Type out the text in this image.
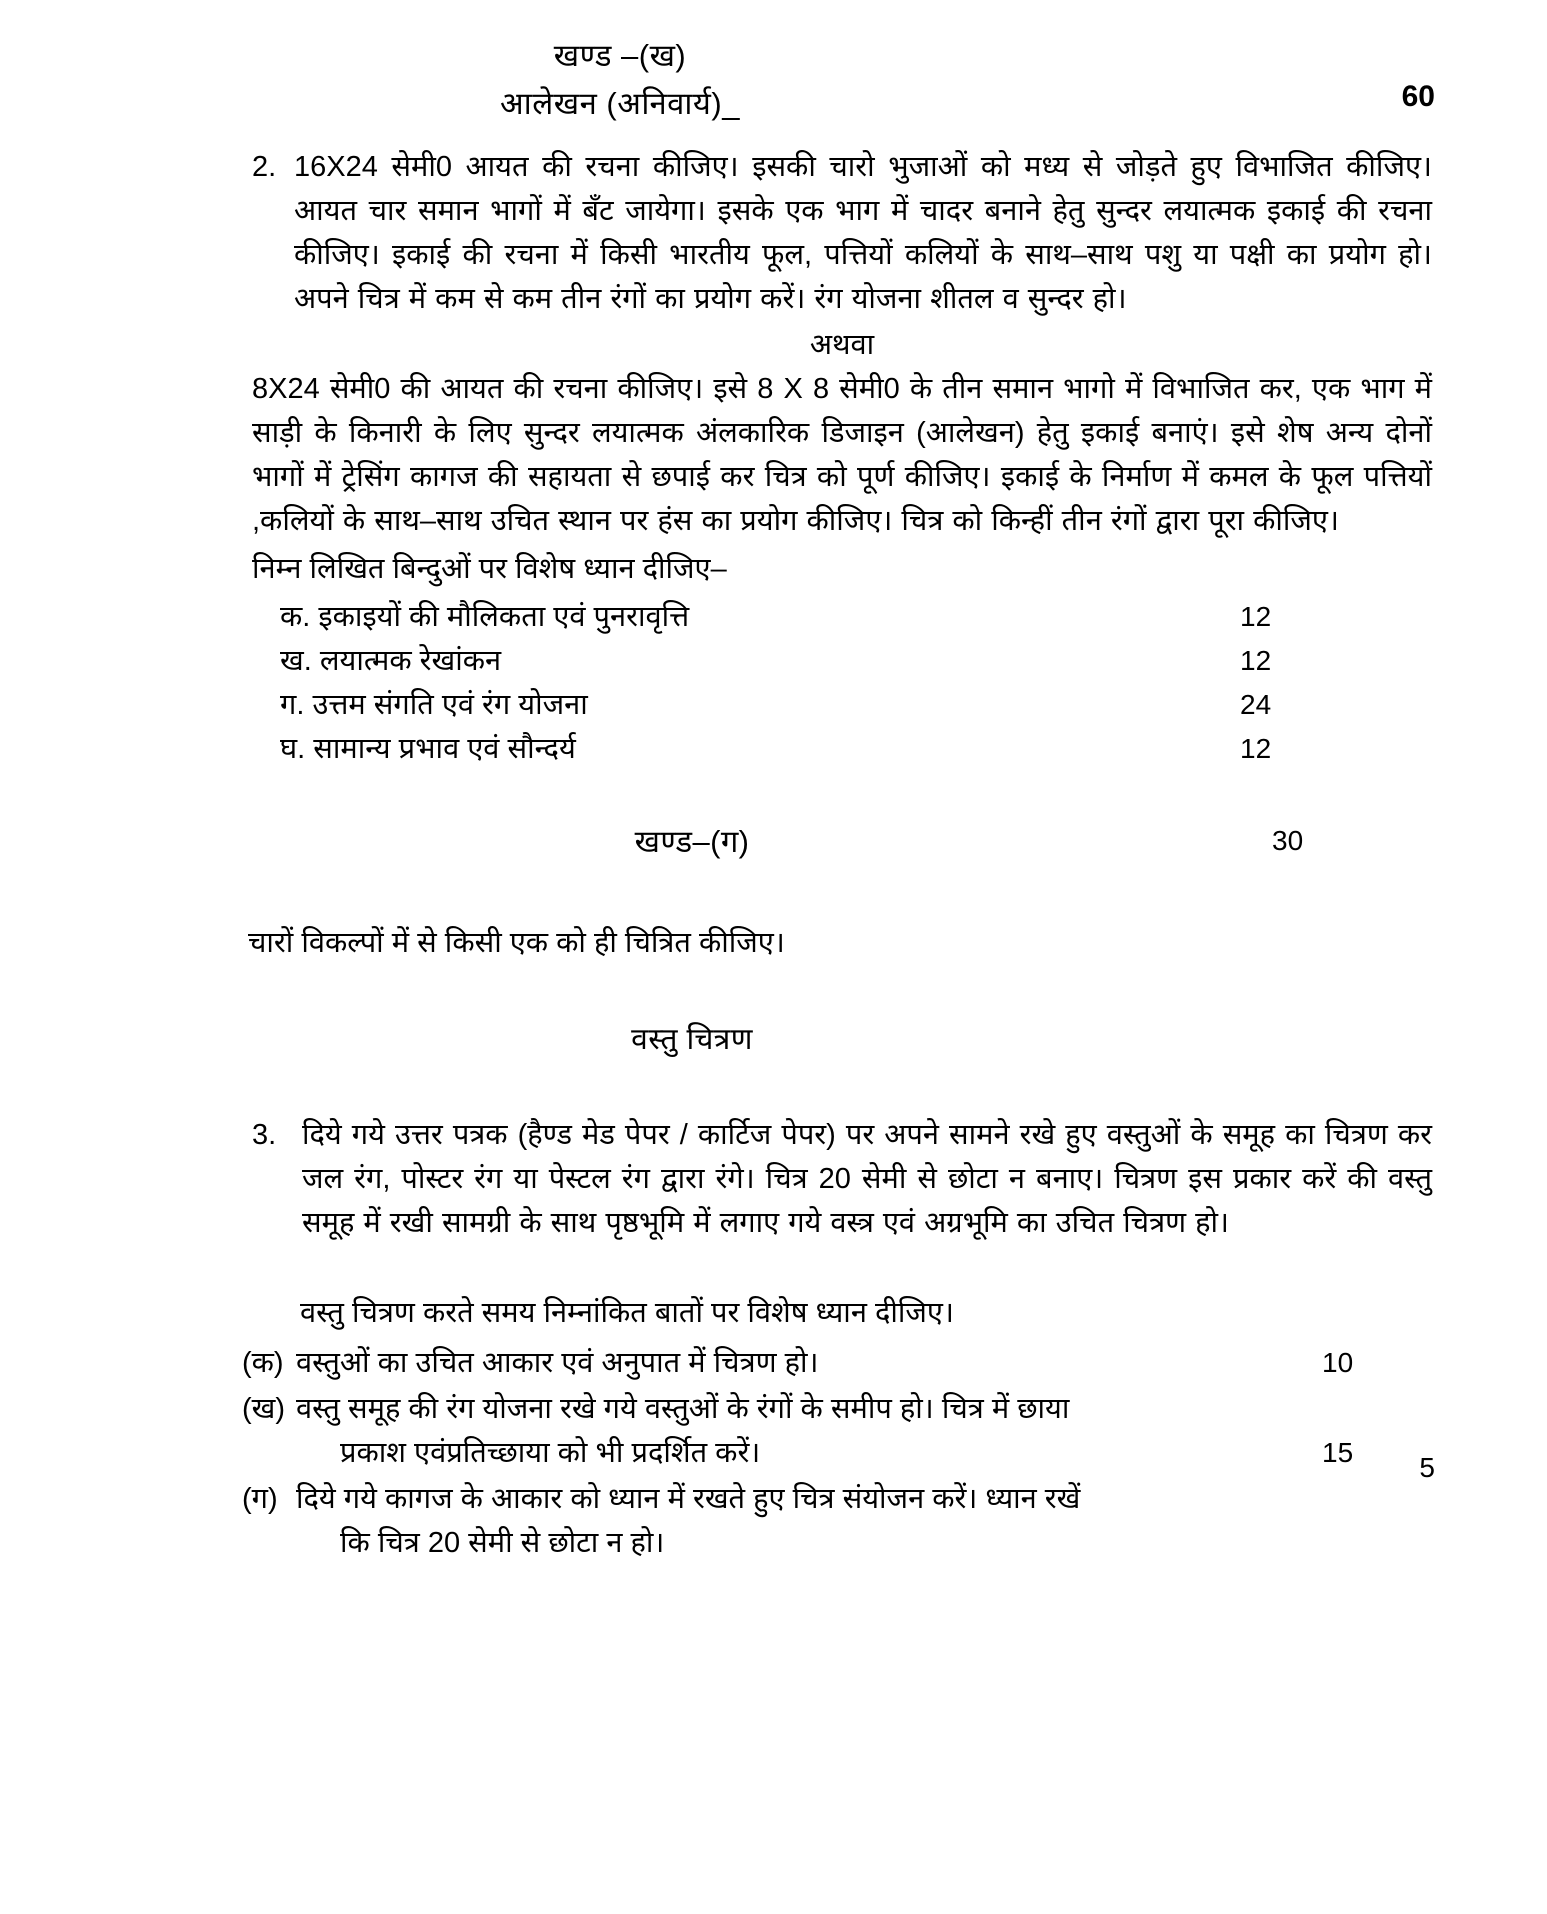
खण्ड –(ख)
आलेखन (अनिवार्य)_	60
2. 16X24 सेमी0 आयत की रचना कीजिए। इसकी चारो भुजाओं को मध्य से जोड़ते हुए विभाजित कीजिए। आयत चार समान भागों में बँट जायेगा। इसके एक भाग में चादर बनाने हेतु सुन्दर लयात्मक इकाई की रचना कीजिए। इकाई की रचना में किसी भारतीय फूल, पत्तियों कलियों के साथ–साथ पशु या पक्षी का प्रयोग हो। अपने चित्र में कम से कम तीन रंगों का प्रयोग करें। रंग योजना शीतल व सुन्दर हो।
अथवा
8X24 सेमी0 की आयत की रचना कीजिए। इसे 8 X 8 सेमी0 के तीन समान भागो में विभाजित कर, एक भाग में साड़ी के किनारी के लिए सुन्दर लयात्मक अंलकारिक डिजाइन (आलेखन) हेतु इकाई बनाएं। इसे शेष अन्य दोनों भागों में ट्रेसिंग कागज की सहायता से छपाई कर चित्र को पूर्ण कीजिए। इकाई के निर्माण में कमल के फूल पत्तियों ,कलियों के साथ–साथ उचित स्थान पर हंस का प्रयोग कीजिए। चित्र को किन्हीं तीन रंगों द्वारा पूरा कीजिए।
निम्न लिखित बिन्दुओं पर विशेष ध्यान दीजिए–
क. इकाइयों की मौलिकता एवं पुनरावृत्ति	12
ख. लयात्मक रेखांकन	12
ग. उत्तम संगति एवं रंग योजना	24
घ. सामान्य प्रभाव एवं सौन्दर्य	12
खण्ड–(ग)	30
चारों विकल्पों में से किसी एक को ही चित्रित कीजिए।
वस्तु चित्रण
3. दिये गये उत्तर पत्रक (हैण्ड मेड पेपर / कार्टिज पेपर) पर अपने सामने रखे हुए वस्तुओं के समूह का चित्रण कर जल रंग, पोस्टर रंग या पेस्टल रंग द्वारा रंगे। चित्र 20 सेमी से छोटा न बनाए। चित्रण इस प्रकार करें की वस्तु समूह में रखी सामग्री के साथ पृष्ठभूमि में लगाए गये वस्त्र एवं अग्रभूमि का उचित चित्रण हो।
वस्तु चित्रण करते समय निम्नांकित बातों पर विशेष ध्यान दीजिए।
(क) वस्तुओं का उचित आकार एवं अनुपात में चित्रण हो।	10
(ख) वस्तु समूह की रंग योजना रखे गये वस्तुओं के रंगों के समीप हो। चित्र में छाया
प्रकाश एवंप्रतिच्छाया को भी प्रदर्शित करें।	15
(ग) दिये गये कागज के आकार को ध्यान में रखते हुए चित्र संयोजन करें। ध्यान रखें
कि चित्र 20 सेमी से छोटा न हो।
5
